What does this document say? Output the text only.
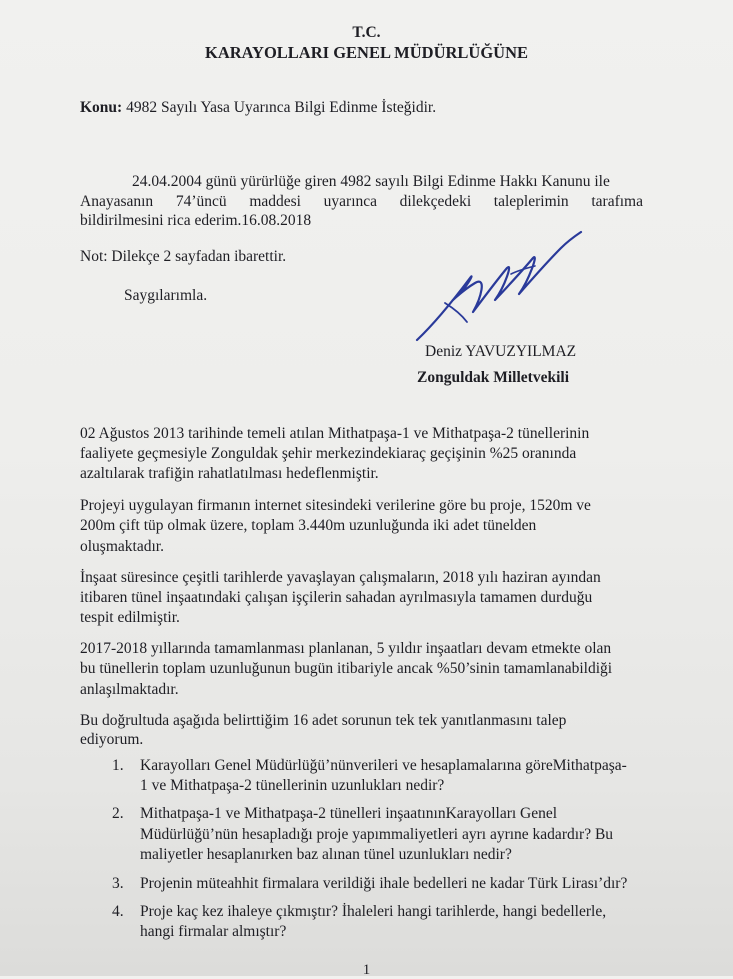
T.C.
KARAYOLLARI GENEL MÜDÜRLÜĞÜNE
Konu: 4982 Sayılı Yasa Uyarınca Bilgi Edinme İsteğidir.
24.04.2004 günü yürürlüğe giren 4982 sayılı Bilgi Edinme Hakkı Kanunu ile
Anayasanın 74’üncü maddesi uyarınca dilekçedeki taleplerimin tarafıma
bildirilmesini rica ederim.16.08.2018
Not: Dilekçe 2 sayfadan ibarettir.
Saygılarımla.
Deniz YAVUZYILMAZ
Zonguldak Milletvekili
02 Ağustos 2013 tarihinde temeli atılan Mithatpaşa-1 ve Mithatpaşa-2 tünellerinin
faaliyete geçmesiyle Zonguldak şehir merkezindekiaraç geçişinin %25 oranında
azaltılarak trafiğin rahatlatılması hedeflenmiştir.
Projeyi uygulayan firmanın internet sitesindeki verilerine göre bu proje, 1520m ve
200m çift tüp olmak üzere, toplam 3.440m uzunluğunda iki adet tünelden
oluşmaktadır.
İnşaat süresince çeşitli tarihlerde yavaşlayan çalışmaların, 2018 yılı haziran ayından
itibaren tünel inşaatındaki çalışan işçilerin sahadan ayrılmasıyla tamamen durduğu
tespit edilmiştir.
2017-2018 yıllarında tamamlanması planlanan, 5 yıldır inşaatları devam etmekte olan
bu tünellerin toplam uzunluğunun bugün itibariyle ancak %50’sinin tamamlanabildiği
anlaşılmaktadır.
Bu doğrultuda aşağıda belirttiğim 16 adet sorunun tek tek yanıtlanmasını talep
ediyorum.
1. Karayolları Genel Müdürlüğü’nünverileri ve hesaplamalarına göreMithatpaşa-
1 ve Mithatpaşa-2 tünellerinin uzunlukları nedir?
2. Mithatpaşa-1 ve Mithatpaşa-2 tünelleri inşaatınınKarayolları Genel
Müdürlüğü’nün hesapladığı proje yapımmaliyetleri ayrı ayrıne kadardır? Bu
maliyetler hesaplanırken baz alınan tünel uzunlukları nedir?
3. Projenin müteahhit firmalara verildiği ihale bedelleri ne kadar Türk Lirası’dır?
4. Proje kaç kez ihaleye çıkmıştır? İhaleleri hangi tarihlerde, hangi bedellerle,
hangi firmalar almıştır?
1
